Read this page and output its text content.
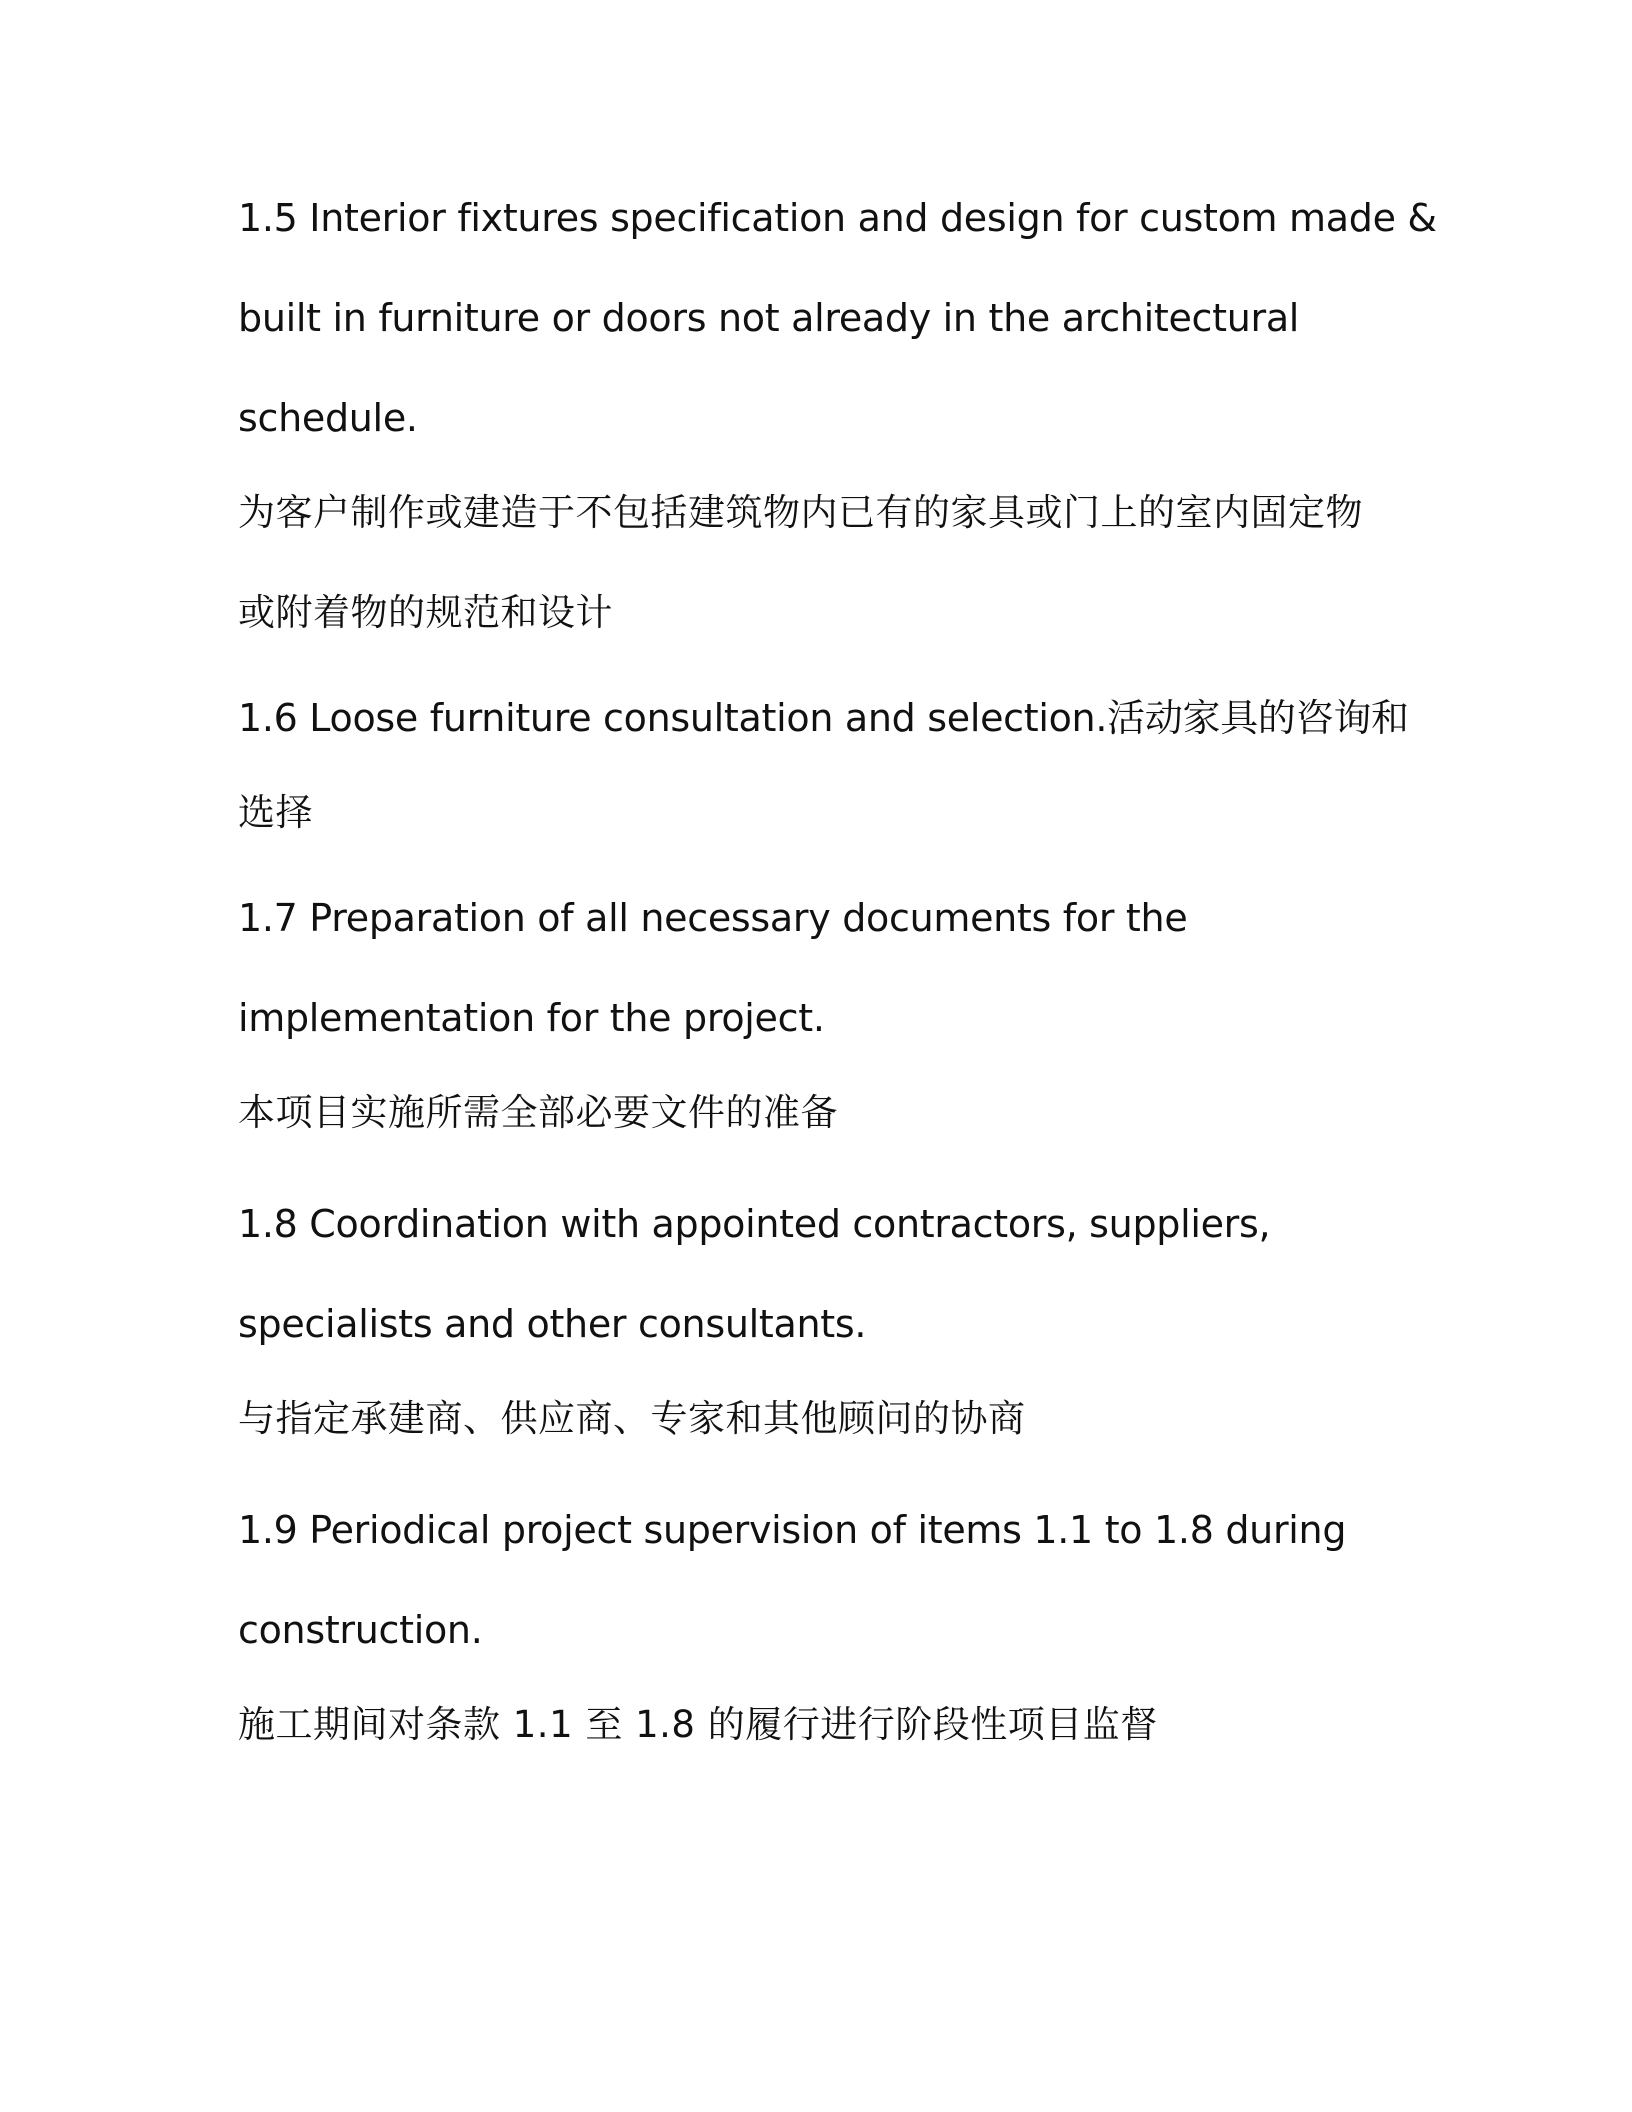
1.5 Interior fixtures specification and design for custom made &
built in furniture or doors not already in the architectural
schedule.
为客户制作或建造于不包括建筑物内已有的家具或门上的室内固定物
或附着物的规范和设计
1.6 Loose furniture consultation and selection.活动家具的咨询和
选择
1.7 Preparation of all necessary documents for the
implementation for the project.
本项目实施所需全部必要文件的准备
1.8 Coordination with appointed contractors, suppliers,
specialists and other consultants.
与指定承建商、供应商、专家和其他顾问的协商
1.9 Periodical project supervision of items 1.1 to 1.8 during
construction.
施工期间对条款 1.1 至 1.8 的履行进行阶段性项目监督
